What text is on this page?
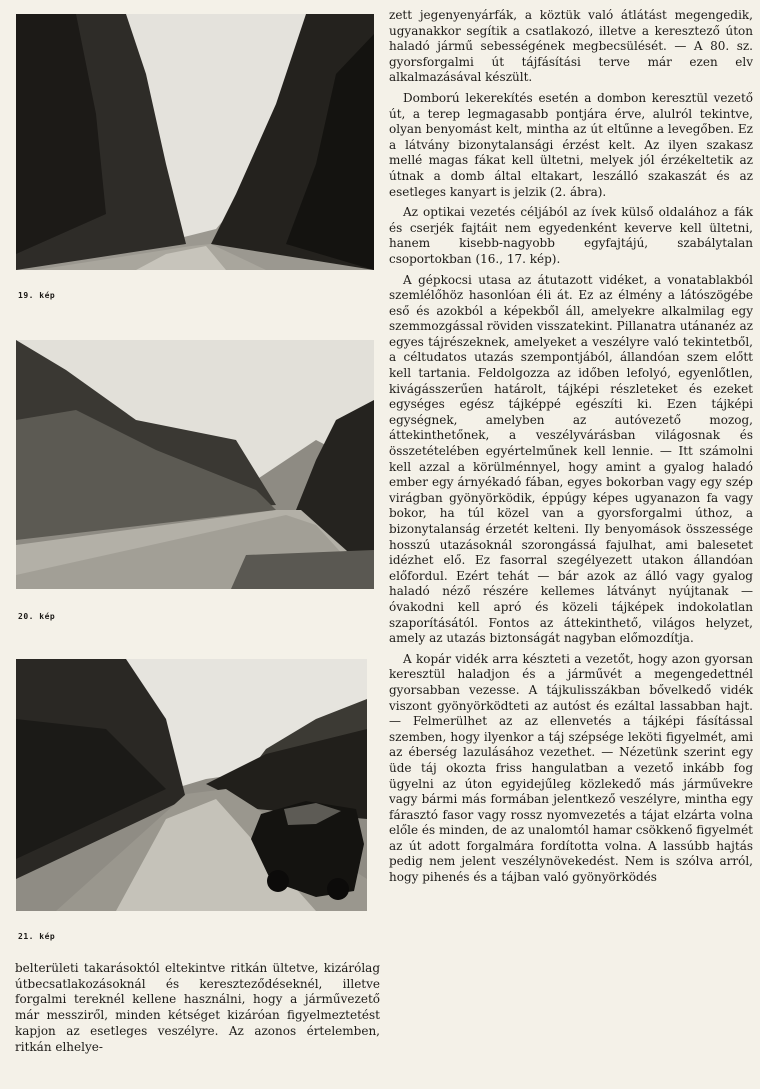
19. kép
20. kép
21. kép

belterületi takarásoktól eltekintve ritkán ültetve, kizárólag útbecsatlakozásoknál és kereszteződéseknél, illetve forgalmi tereknél kellene használni, hogy a járművezető már messziről, minden kétséget kizáróan figyelmeztetést kapjon az esetleges veszélyre. Az azonos értelemben, ritkán elhelye-

zett jegenyenyárfák, a köztük való átlátást megengedik, ugyanakkor segítik a csatlakozó, illetve a keresztező úton haladó jármű sebességének megbecsülését. — A 80. sz. gyorsforgalmi út tájfásítási terve már ezen elv alkalmazásával készült.

Domború lekerekítés esetén a dombon keresztül vezető út, a terep legmagasabb pontjára érve, alulról tekintve, olyan benyomást kelt, mintha az út eltűnne a levegőben. Ez a látvány bizonytalansági érzést kelt. Az ilyen szakasz mellé magas fákat kell ültetni, melyek jól érzékeltetik az útnak a domb által eltakart, leszálló szakaszát és az esetleges kanyart is jelzik (2. ábra).

Az optikai vezetés céljából az ívek külső oldalához a fák és cserjék fajtáit nem egyedenként keverve kell ültetni, hanem kisebb-nagyobb egyfajtájú, szabálytalan csoportokban (16., 17. kép).

A gépkocsi utasa az átutazott vidéket, a vonatablakból szemlélőhöz hasonlóan éli át. Ez az élmény a látószögébe eső és azokból a képekből áll, amelyekre alkalmilag egy szemmozgással röviden visszatekint. Pillanatra utánanéz az egyes tájrészeknek, amelyeket a veszélyre való tekintetből, a céltudatos utazás szempontjából, állandóan szem előtt kell tartania. Feldolgozza az időben lefolyó, egyenlőtlen, kivágásszerűen határolt, tájképi részleteket és ezeket egységes egész tájképpé egészíti ki. Ezen tájképi egységnek, amelyben az autóvezető mozog, áttekinthetőnek, a veszélyvárásban világosnak és összetételében egyértelműnek kell lennie. — Itt számolni kell azzal a körülménnyel, hogy amint a gyalog haladó ember egy árnyékadó fában, egyes bokorban vagy egy szép virágban gyönyörködik, éppúgy képes ugyanazon fa vagy bokor, ha túl közel van a gyorsforgalmi úthoz, a bizonytalanság érzetét kelteni. Ily benyomások összessége hosszú utazásoknál szorongássá fajulhat, ami balesetet idézhet elő. Ez fasorral szegélyezett utakon állandóan előfordul. Ezért tehát — bár azok az álló vagy gyalog haladó néző részére kellemes látványt nyújtanak — óvakodni kell apró és közeli tájképek indokolatlan szaporításától. Fontos az áttekinthető, világos helyzet, amely az utazás biztonságát nagyban előmozdítja.

A kopár vidék arra készteti a vezetőt, hogy azon gyorsan keresztül haladjon és a járművét a megengedettnél gyorsabban vezesse. A tájkulisszákban bővelkedő vidék viszont gyönyörködteti az autóst és ezáltal lassabban hajt. — Felmerülhet az az ellenvetés a tájképi fásítással szemben, hogy ilyenkor a táj szépsége leköti figyelmét, ami az éberség lazulásához vezethet. — Nézetünk szerint egy üde táj okozta friss hangulatban a vezető inkább fog ügyelni az úton egyidejűleg közlekedő más járművekre vagy bármi más formában jelentkező veszélyre, mintha egy fárasztó fasor vagy rossz nyomvezetés a tájat elzárta volna előle és minden, de az unalomtól hamar csökkenő figyelmét az út adott forgalmára fordította volna. A lassúbb hajtás pedig nem jelent veszélynövekedést. Nem is szólva arról, hogy pihenés és a tájban való gyönyörködés
